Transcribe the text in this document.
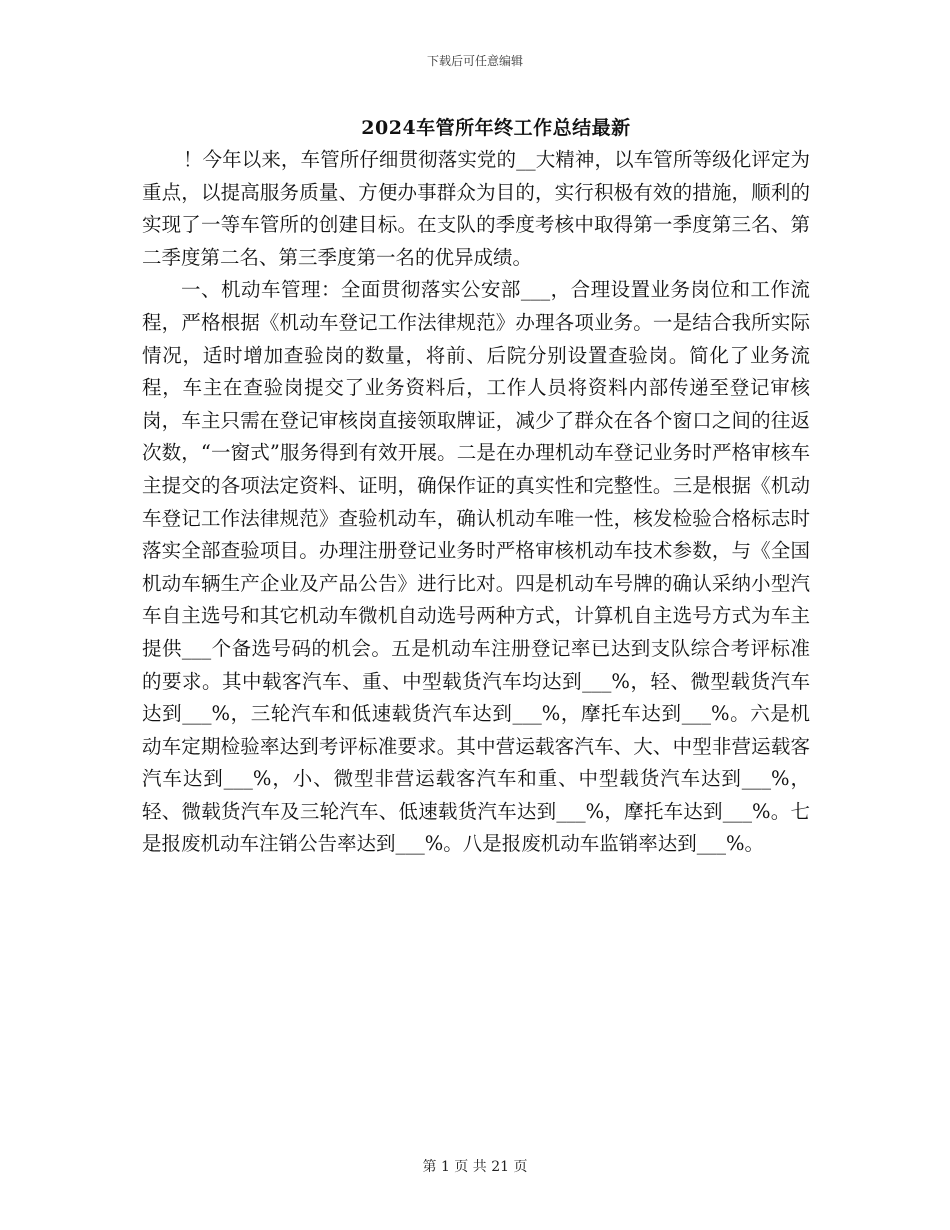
下载后可任意编辑
2024车管所年终工作总结最新

！今年以来，车管所仔细贯彻落实党的__大精神，以车管所等级化评定为重点，以提高服务质量、方便办事群众为目的，实行积极有效的措施，顺利的实现了一等车管所的创建目标。在支队的季度考核中取得第一季度第三名、第二季度第二名、第三季度第一名的优异成绩。

一、机动车管理：全面贯彻落实公安部___，合理设置业务岗位和工作流程，严格根据《机动车登记工作法律规范》办理各项业务。一是结合我所实际情况，适时增加查验岗的数量，将前、后院分别设置查验岗。简化了业务流程，车主在查验岗提交了业务资料后，工作人员将资料内部传递至登记审核岗，车主只需在登记审核岗直接领取牌证，减少了群众在各个窗口之间的往返次数，“一窗式”服务得到有效开展。二是在办理机动车登记业务时严格审核车主提交的各项法定资料、证明，确保作证的真实性和完整性。三是根据《机动车登记工作法律规范》查验机动车，确认机动车唯一性，核发检验合格标志时落实全部查验项目。办理注册登记业务时严格审核机动车技术参数，与《全国机动车辆生产企业及产品公告》进行比对。四是机动车号牌的确认采纳小型汽车自主选号和其它机动车微机自动选号两种方式，计算机自主选号方式为车主提供___个备选号码的机会。五是机动车注册登记率已达到支队综合考评标准的要求。其中载客汽车、重、中型载货汽车均达到___%，轻、微型载货汽车达到___%，三轮汽车和低速载货汽车达到___%，摩托车达到___%。六是机动车定期检验率达到考评标准要求。其中营运载客汽车、大、中型非营运载客汽车达到___%，小、微型非营运载客汽车和重、中型载货汽车达到___%，轻、微载货汽车及三轮汽车、低速载货汽车达到___%，摩托车达到___%。七是报废机动车注销公告率达到___%。八是报废机动车监销率达到___%。

第 1 页 共 21 页
